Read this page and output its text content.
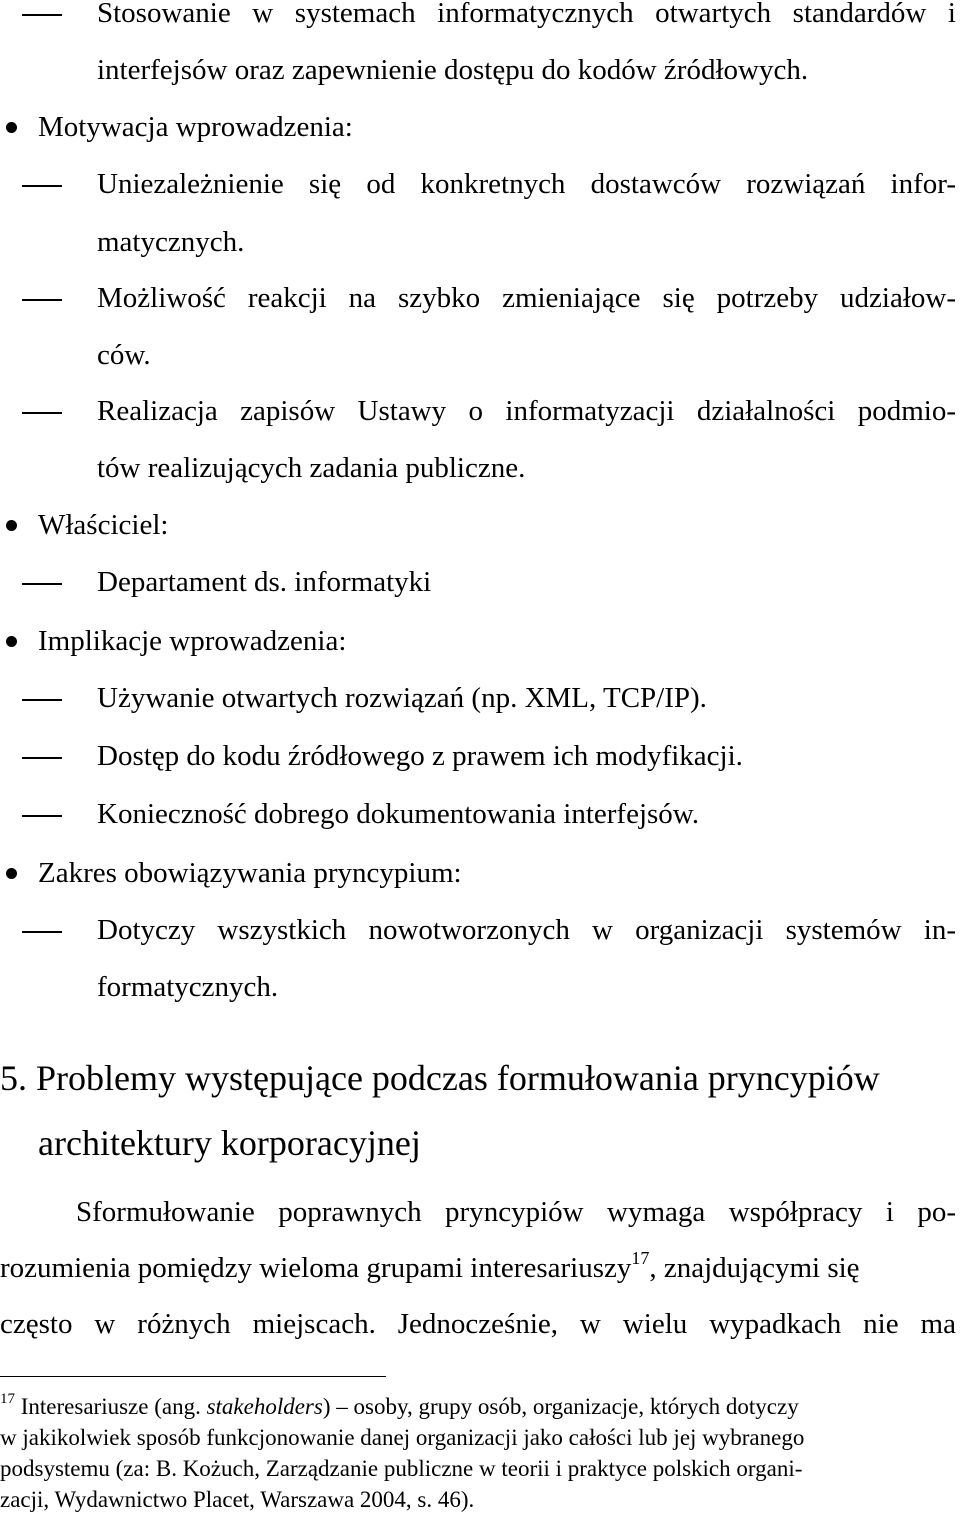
Stosowanie w systemach informatycznych otwartych standardów i
interfejsów oraz zapewnienie dostępu do kodów źródłowych.
Motywacja wprowadzenia:
Uniezależnienie się od konkretnych dostawców rozwiązań infor-
matycznych.
Możliwość reakcji na szybko zmieniające się potrzeby udziałow-
ców.
Realizacja zapisów Ustawy o informatyzacji działalności podmio-
tów realizujących zadania publiczne.
Właściciel:
Departament ds. informatyki
Implikacje wprowadzenia:
Używanie otwartych rozwiązań (np. XML, TCP/IP).
Dostęp do kodu źródłowego z prawem ich modyfikacji.
Konieczność dobrego dokumentowania interfejsów.
Zakres obowiązywania pryncypium:
Dotyczy wszystkich nowotworzonych w organizacji systemów in-
formatycznych.
5. Problemy występujące podczas formułowania pryncypiów
architektury korporacyjnej
Sformułowanie poprawnych pryncypiów wymaga współpracy i po-
rozumienia pomiędzy wieloma grupami interesariuszy$^{17}$, znajdującymi się
często w różnych miejscach. Jednocześnie, w wielu wypadkach nie ma
$^{17}$ Interesariusze (ang. stakeholders) – osoby, grupy osób, organizacje, których dotyczy
w jakikolwiek sposób funkcjonowanie danej organizacji jako całości lub jej wybranego
podsystemu (za: B. Kożuch, Zarządzanie publiczne w teorii i praktyce polskich organi-
zacji, Wydawnictwo Placet, Warszawa 2004, s. 46).
